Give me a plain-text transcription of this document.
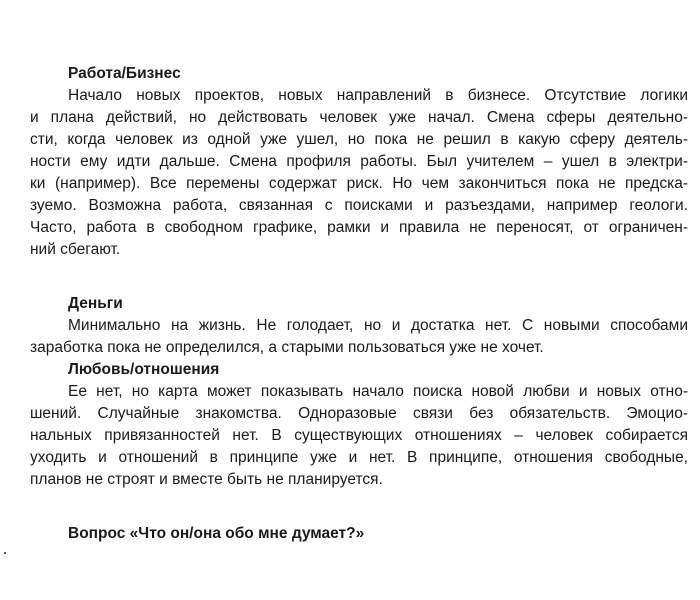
Работа/Бизнес
Начало новых проектов, новых направлений в бизнесе. Отсутствие логики
и плана действий, но действовать человек уже начал. Смена сферы деятельно-
сти, когда человек из одной уже ушел, но пока не решил в какую сферу деятель-
ности ему идти дальше. Смена профиля работы. Был учителем – ушел в электри-
ки (например). Все перемены содержат риск. Но чем закончиться пока не предска-
зуемо. Возможна работа, связанная с поисками и разъездами, например геологи.
Часто, работа в свободном графике, рамки и правила не переносят, от ограничен-
ний сбегают.
Деньги
Минимально на жизнь. Не голодает, но и достатка нет. С новыми способами
заработка пока не определился, а старыми пользоваться уже не хочет.
Любовь/отношения
Ее нет, но карта может показывать начало поиска новой любви и новых отно-
шений. Случайные знакомства. Одноразовые связи без обязательств. Эмоцио-
нальных привязанностей нет. В существующих отношениях – человек собирается
уходить и отношений в принципе уже и нет. В принципе, отношения свободные,
планов не строят и вместе быть не планируется.
Вопрос «Что он/она обо мне думает?»
